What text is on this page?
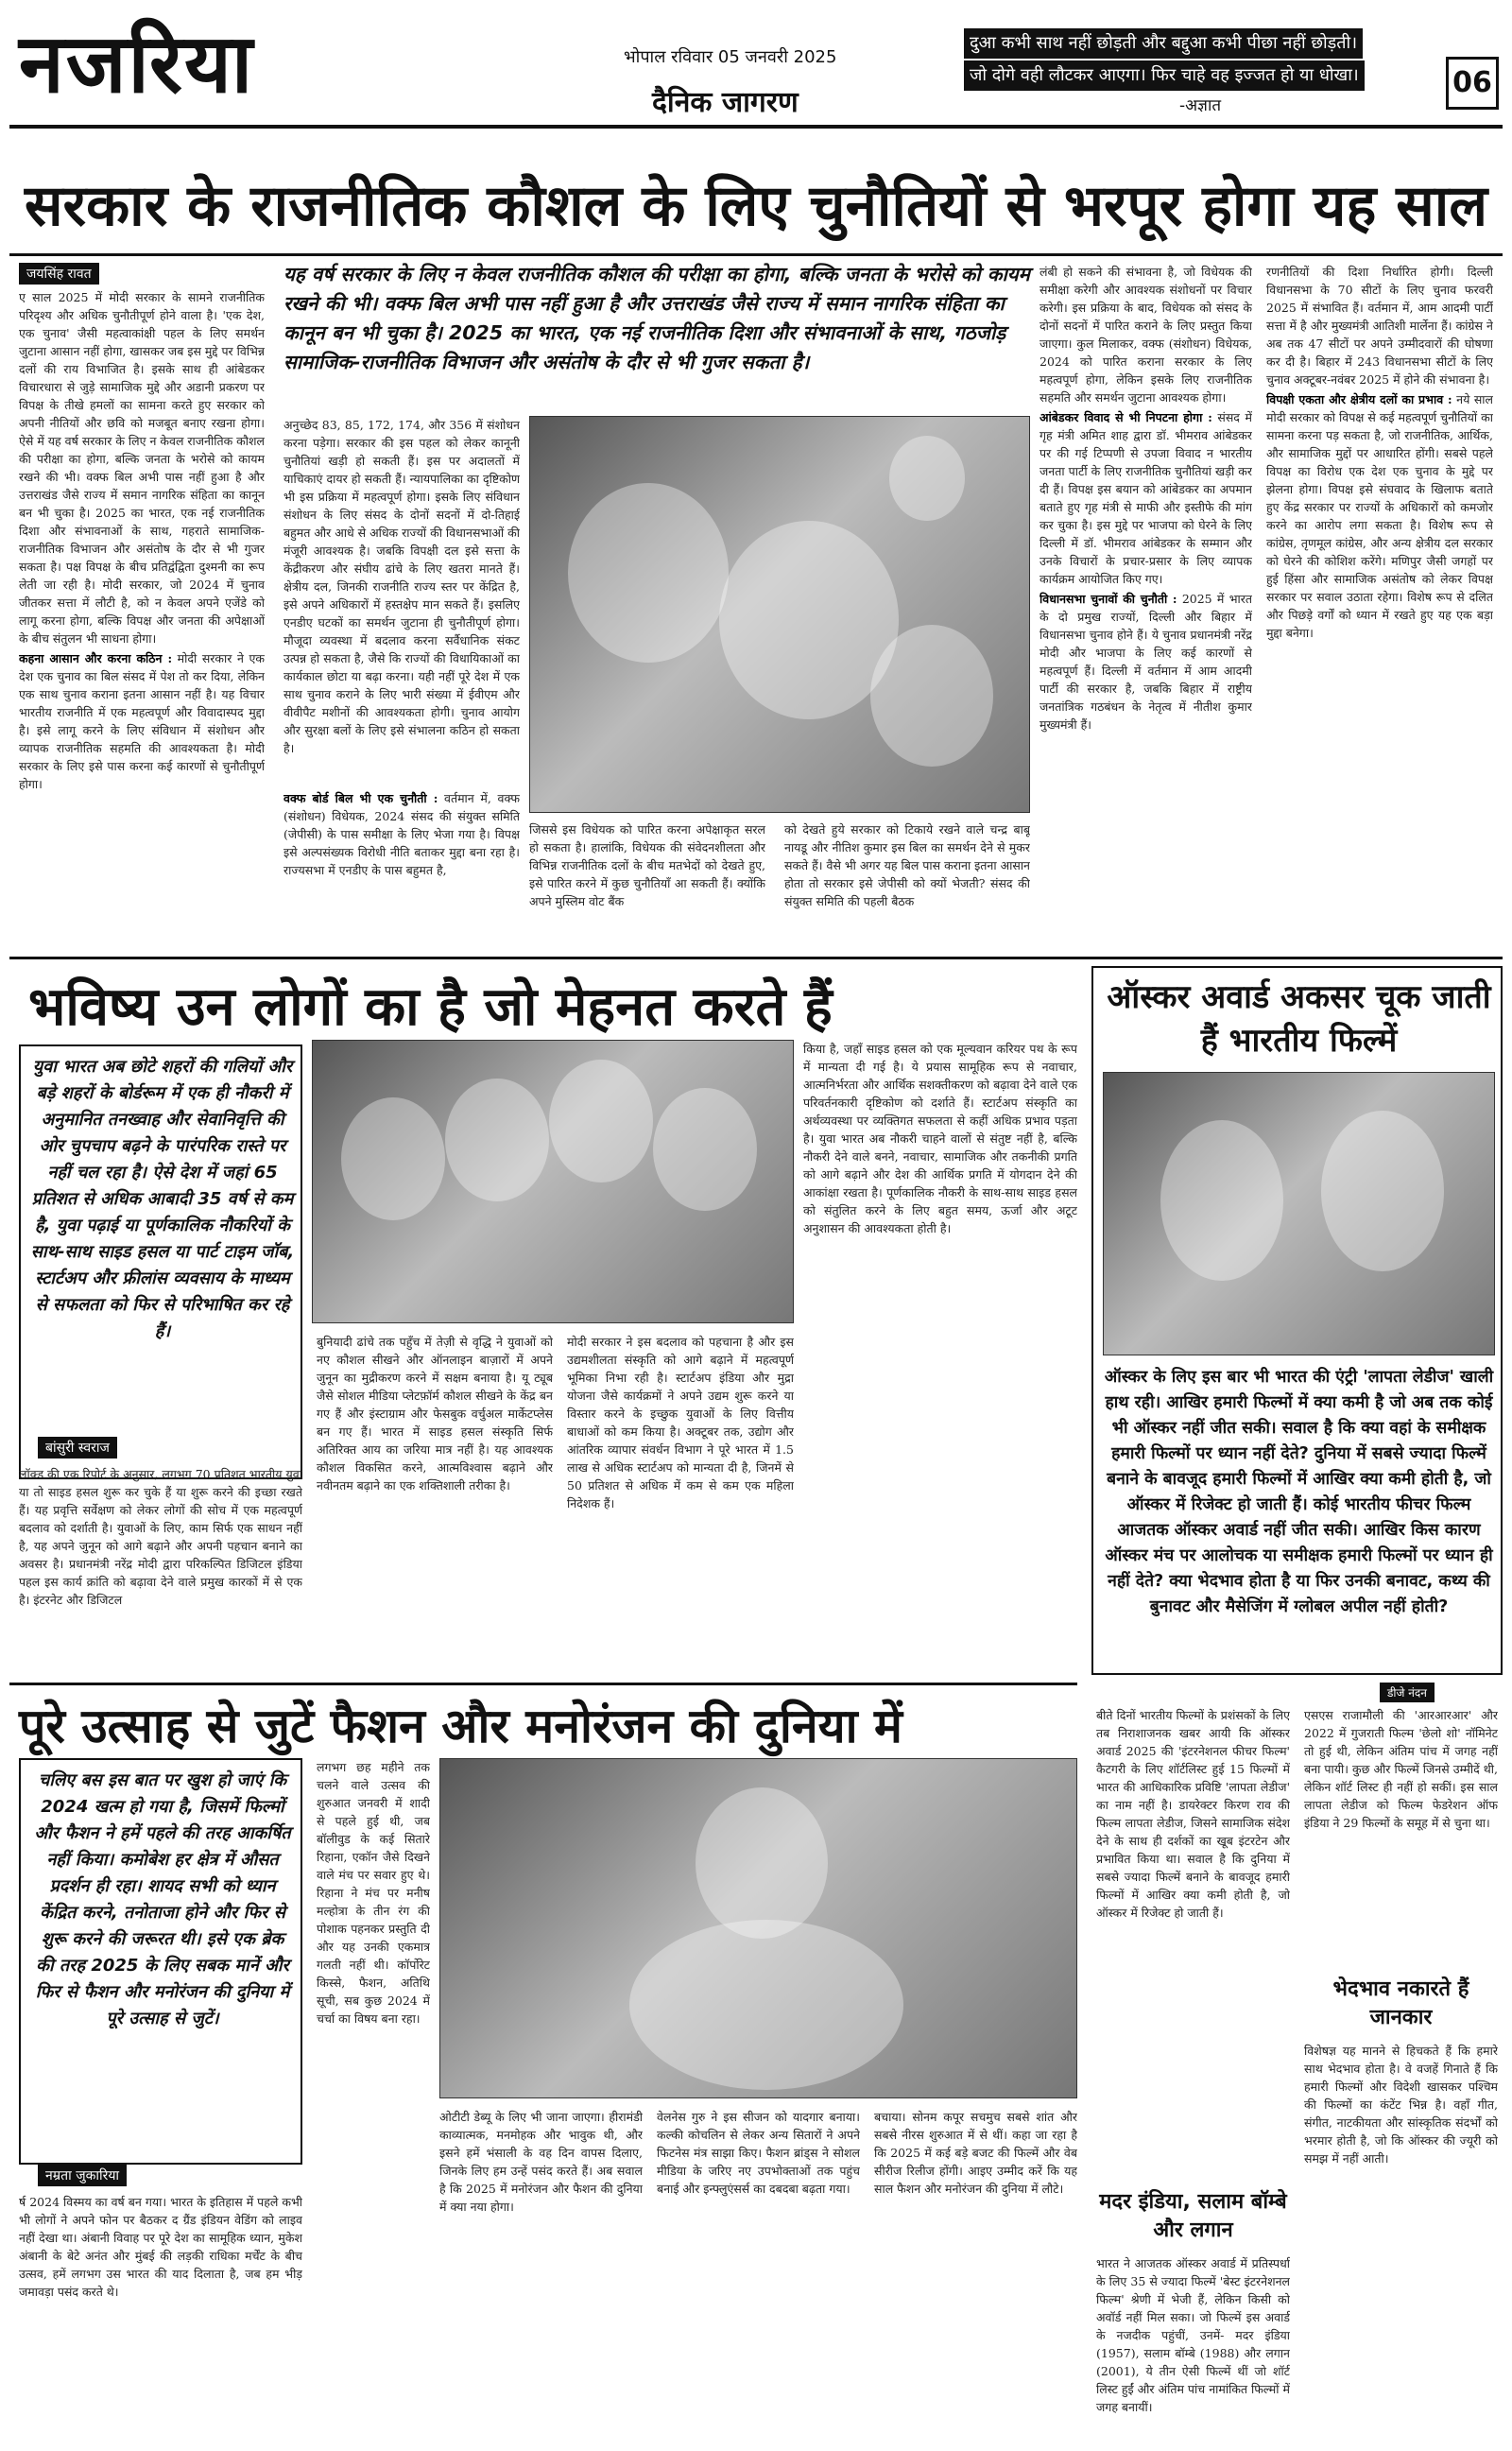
नजरिया	भोपाल रविवार 05 जनवरी 2025
दैनिक जागरण
दुआ कभी साथ नहीं छोड़ती और बद्दुआ कभी पीछा नहीं छोड़ती। जो दोगे वही लौटकर आएगा। फिर चाहे वह इज्जत हो या धोखा।
-अज्ञात
06
सरकार के राजनीतिक कौशल के लिए चुनौतियों से भरपूर होगा यह साल
जयसिंह रावत

ए साल 2025 में मोदी सरकार के सामने राजनीतिक परिदृश्य और अधिक चुनौतीपूर्ण होने वाला है। 'एक देश, एक चुनाव' जैसी महत्वाकांक्षी पहल के लिए समर्थन जुटाना आसान नहीं होगा, खासकर जब इस मुद्दे पर विभिन्न दलों की राय विभाजित है। इसके साथ ही आंबेडकर विचारधारा से जुड़े सामाजिक मुद्दे और अडानी प्रकरण पर विपक्ष के तीखे हमलों का सामना करते हुए सरकार को अपनी नीतियों और छवि को मजबूत बनाए रखना होगा। ऐसे में यह वर्ष सरकार के लिए न केवल राजनीतिक कौशल की परीक्षा का होगा, बल्कि जनता के भरोसे को कायम रखने की भी। वक्फ बिल अभी पास नहीं हुआ है और उत्तराखंड जैसे राज्य में समान नागरिक संहिता का कानून बन भी चुका है। 2025 का भारत, एक नई राजनीतिक दिशा और संभावनाओं के साथ, गहराते सामाजिक-राजनीतिक विभाजन और असंतोष के दौर से भी गुजर सकता है। पक्ष विपक्ष के बीच प्रतिद्वंद्विता दुश्मनी का रूप लेती जा रही है। मोदी सरकार, जो 2024 में चुनाव जीतकर सत्ता में लौटी है, को न केवल अपने एजेंडे को लागू करना होगा, बल्कि विपक्ष और जनता की अपेक्षाओं के बीच संतुलन भी साधना होगा।

कहना आसान और करना कठिन : मोदी सरकार ने एक देश एक चुनाव का बिल संसद में पेश तो कर दिया, लेकिन एक साथ चुनाव कराना इतना आसान नहीं है। यह विचार भारतीय राजनीति में एक महत्वपूर्ण और विवादास्पद मुद्दा है। इसे लागू करने के लिए संविधान में संशोधन और व्यापक राजनीतिक सहमति की आवश्यकता है। मोदी सरकार के लिए इसे पास करना कई कारणों से चुनौतीपूर्ण होगा।

यह वर्ष सरकार के लिए न केवल राजनीतिक कौशल की परीक्षा का होगा, बल्कि जनता के भरोसे को कायम रखने की भी। वक्फ बिल अभी पास नहीं हुआ है और उत्तराखंड जैसे राज्य में समान नागरिक संहिता का कानून बन भी चुका है। 2025 का भारत, एक नई राजनीतिक दिशा और संभावनाओं के साथ, गठजोड़ सामाजिक-राजनीतिक विभाजन और असंतोष के दौर से भी गुजर सकता है।

अनुच्छेद 83, 85, 172, 174, और 356 में संशोधन करना पड़ेगा। सरकार की इस पहल को लेकर कानूनी चुनौतियां खड़ी हो सकती हैं। इस पर अदालतों में याचिकाएं दायर हो सकती हैं। न्यायपालिका का दृष्टिकोण भी इस प्रक्रिया में महत्वपूर्ण होगा। इसके लिए संविधान संशोधन के लिए संसद के दोनों सदनों में दो-तिहाई बहुमत और आधे से अधिक राज्यों की विधानसभाओं की मंजूरी आवश्यक है। जबकि विपक्षी दल इसे सत्ता के केंद्रीकरण और संघीय ढांचे के लिए खतरा मानते हैं। क्षेत्रीय दल, जिनकी राजनीति राज्य स्तर पर केंद्रित है, इसे अपने अधिकारों में हस्तक्षेप मान सकते हैं। इसलिए एनडीए घटकों का समर्थन जुटाना ही चुनौतीपूर्ण होगा। मौजूदा व्यवस्था में बदलाव करना सर्वैधानिक संकट उत्पन्न हो सकता है, जैसे कि राज्यों की विधायिकाओं का कार्यकाल छोटा या बढ़ा करना। यही नहीं पूरे देश में एक साथ चुनाव कराने के लिए भारी संख्या में ईवीएम और वीवीपैट मशीनों की आवश्यकता होगी। चुनाव आयोग और सुरक्षा बलों के लिए इसे संभालना कठिन हो सकता है।

वक्फ बोर्ड बिल भी एक चुनौती : वर्तमान में, वक्फ (संशोधन) विधेयक, 2024 संसद की संयुक्त समिति (जेपीसी) के पास समीक्षा के लिए भेजा गया है। विपक्ष इसे अल्पसंख्यक विरोधी नीति बताकर मुद्दा बना रहा है। राज्यसभा में एनडीए के पास बहुमत है,

जिससे इस विधेयक को पारित करना अपेक्षाकृत सरल हो सकता है। हालांकि, विधेयक की संवेदनशीलता और विभिन्न राजनीतिक दलों के बीच मतभेदों को देखते हुए, इसे पारित करने में कुछ चुनौतियाँ आ सकती हैं। क्योंकि अपने मुस्लिम वोट बैंक

को देखते हुये सरकार को टिकाये रखने वाले चन्द्र बाबू नायडू और नीतिश कुमार इस बिल का समर्थन देने से मुकर सकते हैं। वैसे भी अगर यह बिल पास कराना इतना आसान होता तो सरकार इसे जेपीसी को क्यों भेजती? संसद की संयुक्त समिति की पहली बैठक

लंबी हो सकने की संभावना है, जो विधेयक की समीक्षा करेगी और आवश्यक संशोधनों पर विचार करेगी। इस प्रक्रिया के बाद, विधेयक को संसद के दोनों सदनों में पारित कराने के लिए प्रस्तुत किया जाएगा। कुल मिलाकर, वक्फ (संशोधन) विधेयक, 2024 को पारित कराना सरकार के लिए महत्वपूर्ण होगा, लेकिन इसके लिए राजनीतिक सहमति और समर्थन जुटाना आवश्यक होगा।

आंबेडकर विवाद से भी निपटना होगा : संसद में गृह मंत्री अमित शाह द्वारा डॉ. भीमराव आंबेडकर पर की गई टिप्पणी से उपजा विवाद न भारतीय जनता पार्टी के लिए राजनीतिक चुनौतियां खड़ी कर दी हैं। विपक्ष इस बयान को आंबेडकर का अपमान बताते हुए गृह मंत्री से माफी और इस्तीफे की मांग कर चुका है। इस मुद्दे पर भाजपा को घेरने के लिए दिल्ली में डॉ. भीमराव आंबेडकर के सम्मान और उनके विचारों के प्रचार-प्रसार के लिए व्यापक कार्यक्रम आयोजित किए गए।

विधानसभा चुनावों की चुनौती : 2025 में भारत के दो प्रमुख राज्यों, दिल्ली और बिहार में विधानसभा चुनाव होने हैं। ये चुनाव प्रधानमंत्री नरेंद्र मोदी और भाजपा के लिए कई कारणों से महत्वपूर्ण हैं। दिल्ली में वर्तमान में आम आदमी पार्टी की सरकार है, जबकि बिहार में राष्ट्रीय जनतांत्रिक गठबंधन के नेतृत्व में नीतीश कुमार मुख्यमंत्री हैं।

रणनीतियों की दिशा निर्धारित होगी। दिल्ली विधानसभा के 70 सीटों के लिए चुनाव फरवरी 2025 में संभावित हैं। वर्तमान में, आम आदमी पार्टी सत्ता में है और मुख्यमंत्री आतिशी मार्लेना हैं। कांग्रेस ने अब तक 47 सीटों पर अपने उम्मीदवारों की घोषणा कर दी है। बिहार में 243 विधानसभा सीटों के लिए चुनाव अक्टूबर-नवंबर 2025 में होने की संभावना है।

विपक्षी एकता और क्षेत्रीय दलों का प्रभाव : नये साल मोदी सरकार को विपक्ष से कई महत्वपूर्ण चुनौतियों का सामना करना पड़ सकता है, जो राजनीतिक, आर्थिक, और सामाजिक मुद्दों पर आधारित होंगी। सबसे पहले विपक्ष का विरोध एक देश एक चुनाव के मुद्दे पर झेलना होगा। विपक्ष इसे संघवाद के खिलाफ बताते हुए केंद्र सरकार पर राज्यों के अधिकारों को कमजोर करने का आरोप लगा सकता है। विशेष रूप से कांग्रेस, तृणमूल कांग्रेस, और अन्य क्षेत्रीय दल सरकार को घेरने की कोशिश करेंगे। मणिपुर जैसी जगहों पर हुई हिंसा और सामाजिक असंतोष को लेकर विपक्ष सरकार पर सवाल उठाता रहेगा। विशेष रूप से दलित और पिछड़े वर्गों को ध्यान में रखते हुए यह एक बड़ा मुद्दा बनेगा।

भविष्य उन लोगों का है जो मेहनत करते हैं
युवा भारत अब छोटे शहरों की गलियों और बड़े शहरों के बोर्डरूम में एक ही नौकरी में अनुमानित तनख्वाह और सेवानिवृत्ति की ओर चुपचाप बढ़ने के पारंपरिक रास्ते पर नहीं चल रहा है। ऐसे देश में जहां 65 प्रतिशत से अधिक आबादी 35 वर्ष से कम है, युवा पढ़ाई या पूर्णकालिक नौकरियों के साथ-साथ साइड हसल या पार्ट टाइम जॉब, स्टार्टअप और फ्रीलांस व्यवसाय के माध्यम से सफलता को फिर से परिभाषित कर रहे हैं।
बांसुरी स्वराज

लॉक्ड की एक रिपोर्ट के अनुसार, लगभग 70 प्रतिशत भारतीय युवा या तो साइड हसल शुरू कर चुके हैं या शुरू करने की इच्छा रखते हैं। यह प्रवृत्ति सर्वेक्षण को लेकर लोगों की सोच में एक महत्वपूर्ण बदलाव को दर्शाती है। युवाओं के लिए, काम सिर्फ एक साधन नहीं है, यह अपने जुनून को आगे बढ़ाने और अपनी पहचान बनाने का अवसर है। प्रधानमंत्री नरेंद्र मोदी द्वारा परिकल्पित डिजिटल इंडिया पहल इस कार्य क्रांति को बढ़ावा देने वाले प्रमुख कारकों में से एक है। इंटरनेट और डिजिटल

बुनियादी ढांचे तक पहुँच में तेज़ी से वृद्धि ने युवाओं को नए कौशल सीखने और ऑनलाइन बाज़ारों में अपने जुनून का मुद्रीकरण करने में सक्षम बनाया है। यू ट्यूब जैसे सोशल मीडिया प्लेटफ़ॉर्म कौशल सीखने के केंद्र बन गए हैं और इंस्टाग्राम और फेसबुक वर्चुअल मार्केटप्लेस बन गए हैं। भारत में साइड हसल संस्कृति सिर्फ अतिरिक्त आय का जरिया मात्र नहीं है। यह आवश्यक कौशल विकसित करने, आत्मविश्वास बढ़ाने और नवीनतम बढ़ाने का एक शक्तिशाली तरीका है।

मोदी सरकार ने इस बदलाव को पहचाना है और इस उद्यमशीलता संस्कृति को आगे बढ़ाने में महत्वपूर्ण भूमिका निभा रही है। स्टार्टअप इंडिया और मुद्रा योजना जैसे कार्यक्रमों ने अपने उद्यम शुरू करने या विस्तार करने के इच्छुक युवाओं के लिए वित्तीय बाधाओं को कम किया है। अक्टूबर तक, उद्योग और आंतरिक व्यापार संवर्धन विभाग ने पूरे भारत में 1.5 लाख से अधिक स्टार्टअप को मान्यता दी है, जिनमें से 50 प्रतिशत से अधिक में कम से कम एक महिला निदेशक हैं।

किया है, जहाँ साइड हसल को एक मूल्यवान करियर पथ के रूप में मान्यता दी गई है। ये प्रयास सामूहिक रूप से नवाचार, आत्मनिर्भरता और आर्थिक सशक्तीकरण को बढ़ावा देने वाले एक परिवर्तनकारी दृष्टिकोण को दर्शाते हैं। स्टार्टअप संस्कृति का अर्थव्यवस्था पर व्यक्तिगत सफलता से कहीं अधिक प्रभाव पड़ता है। युवा भारत अब नौकरी चाहने वालों से संतुष्ट नहीं है, बल्कि नौकरी देने वाले बनने, नवाचार, सामाजिक और तकनीकी प्रगति को आगे बढ़ाने और देश की आर्थिक प्रगति में योगदान देने की आकांक्षा रखता है। पूर्णकालिक नौकरी के साथ-साथ साइड हसल को संतुलित करने के लिए बहुत समय, ऊर्जा और अटूट अनुशासन की आवश्यकता होती है।

ऑस्कर अवार्ड अकसर चूक जाती हैं भारतीय फिल्में
ऑस्कर के लिए इस बार भी भारत की एंट्री 'लापता लेडीज' खाली हाथ रही। आखिर हमारी फिल्मों में क्या कमी है जो अब तक कोई भी ऑस्कर नहीं जीत सकी। सवाल है कि क्या वहां के समीक्षक हमारी फिल्मों पर ध्यान नहीं देते? दुनिया में सबसे ज्यादा फिल्में बनाने के बावजूद हमारी फिल्मों में आखिर क्या कमी होती है, जो ऑस्कर में रिजेक्ट हो जाती हैं। कोई भारतीय फीचर फिल्म आजतक ऑस्कर अवार्ड नहीं जीत सकी। आखिर किस कारण ऑस्कर मंच पर आलोचक या समीक्षक हमारी फिल्मों पर ध्यान ही नहीं देते? क्या भेदभाव होता है या फिर उनकी बनावट, कथ्य की बुनावट और मैसेजिंग में ग्लोबल अपील नहीं होती?
डीजे नंदन

बीते दिनों भारतीय फिल्मों के प्रशंसकों के लिए तब निराशाजनक खबर आयी कि ऑस्कर अवार्ड 2025 की 'इंटरनेशनल फीचर फिल्म' कैटगरी के लिए शॉर्टलिस्ट हुई 15 फिल्मों में भारत की आधिकारिक प्रविष्टि 'लापता लेडीज' का नाम नहीं है। डायरेक्टर किरण राव की फिल्म लापता लेडीज, जिसने सामाजिक संदेश देने के साथ ही दर्शकों का खूब इंटरटेन और प्रभावित किया था। सवाल है कि दुनिया में सबसे ज्यादा फिल्में बनाने के बावजूद हमारी फिल्मों में आखिर क्या कमी होती है, जो ऑस्कर में रिजेक्ट हो जाती हैं।

मदर इंडिया, सलाम बॉम्बे और लगान

भारत ने आजतक ऑस्कर अवार्ड में प्रतिस्पर्धा के लिए 35 से ज्यादा फिल्में 'बेस्ट इंटरनेशनल फिल्म' श्रेणी में भेजी हैं, लेकिन किसी को अवॉर्ड नहीं मिल सका। जो फिल्में इस अवार्ड के नजदीक पहुंचीं, उनमें- मदर इंडिया (1957), सलाम बॉम्बे (1988) और लगान (2001), ये तीन ऐसी फिल्में थीं जो शॉर्ट लिस्ट हुईं और अंतिम पांच नामांकित फिल्मों में जगह बनायीं।

एसएस राजामौली की 'आरआरआर' और 2022 में गुजराती फिल्म 'छेलो शो' नॉमिनेट तो हुई थी, लेकिन अंतिम पांच में जगह नहीं बना पायी। कुछ और फिल्में जिनसे उम्मीदें थी, लेकिन शॉर्ट लिस्ट ही नहीं हो सकीं। इस साल लापता लेडीज को फिल्म फेडरेशन ऑफ इंडिया ने 29 फिल्मों के समूह में से चुना था।

भेदभाव नकारते हैं जानकार

विशेषज्ञ यह मानने से हिचकते हैं कि हमारे साथ भेदभाव होता है। वे वजहें गिनाते हैं कि हमारी फिल्मों और विदेशी खासकर पश्चिम की फिल्मों का कंटेंट भिन्न है। वहाँ गीत, संगीत, नाटकीयता और सांस्कृतिक संदर्भों को भरमार होती है, जो कि ऑस्कर की ज्यूरी को समझ में नहीं आती।

पूरे उत्साह से जुटें फैशन और मनोरंजन की दुनिया में
चलिए बस इस बात पर खुश हो जाएं कि 2024 खत्म हो गया है, जिसमें फिल्मों और फैशन ने हमें पहले की तरह आकर्षित नहीं किया। कमोबेश हर क्षेत्र में औसत प्रदर्शन ही रहा। शायद सभी को ध्यान केंद्रित करने, तनोताजा होने और फिर से शुरू करने की जरूरत थी। इसे एक ब्रेक की तरह 2025 के लिए सबक मानें और फिर से फैशन और मनोरंजन की दुनिया में पूरे उत्साह से जुटें।
नम्रता जुकारिया

र्ष 2024 विस्मय का वर्ष बन गया। भारत के इतिहास में पहले कभी भी लोगों ने अपने फोन पर बैठकर द ग्रैंड इंडियन वेडिंग को लाइव नहीं देखा था। अंबानी विवाह पर पूरे देश का सामूहिक ध्यान, मुकेश अंबानी के बेटे अनंत और मुंबई की लड़की राधिका मर्चेंट के बीच उत्सव, हमें लगभग उस भारत की याद दिलाता है, जब हम भीड़ जमावड़ा पसंद करते थे।

लगभग छह महीने तक चलने वाले उत्सव की शुरुआत जनवरी में शादी से पहले हुई थी, जब बॉलीवुड के कई सितारे रिहाना, एकॉन जैसे दिखने वाले मंच पर सवार हुए थे। रिहाना ने मंच पर मनीष मल्होत्रा के तीन रंग की पोशाक पहनकर प्रस्तुति दी और यह उनकी एकमात्र गलती नहीं थी। कॉर्पोरेट किस्से, फैशन, अतिथि सूची, सब कुछ 2024 में चर्चा का विषय बना रहा।

ओटीटी डेब्यू के लिए भी जाना जाएगा। हीरामंडी काव्यात्मक, मनमोहक और भावुक थी, और इसने हमें भंसाली के वह दिन वापस दिलाए, जिनके लिए हम उन्हें पसंद करते हैं। अब सवाल है कि 2025 में मनोरंजन और फैशन की दुनिया में क्या नया होगा।

वेलनेस गुरु ने इस सीजन को यादगार बनाया। कल्की कोचलिन से लेकर अन्य सितारों ने अपने फिटनेस मंत्र साझा किए। फैशन ब्रांड्स ने सोशल मीडिया के जरिए नए उपभोक्ताओं तक पहुंच बनाई और इन्फ्लुएंसर्स का दबदबा बढ़ता गया।

बचाया। सोनम कपूर सचमुच सबसे शांत और सबसे नीरस शुरुआत में से थीं। कहा जा रहा है कि 2025 में कई बड़े बजट की फिल्में और वेब सीरीज रिलीज होंगी। आइए उम्मीद करें कि यह साल फैशन और मनोरंजन की दुनिया में लौटे।
